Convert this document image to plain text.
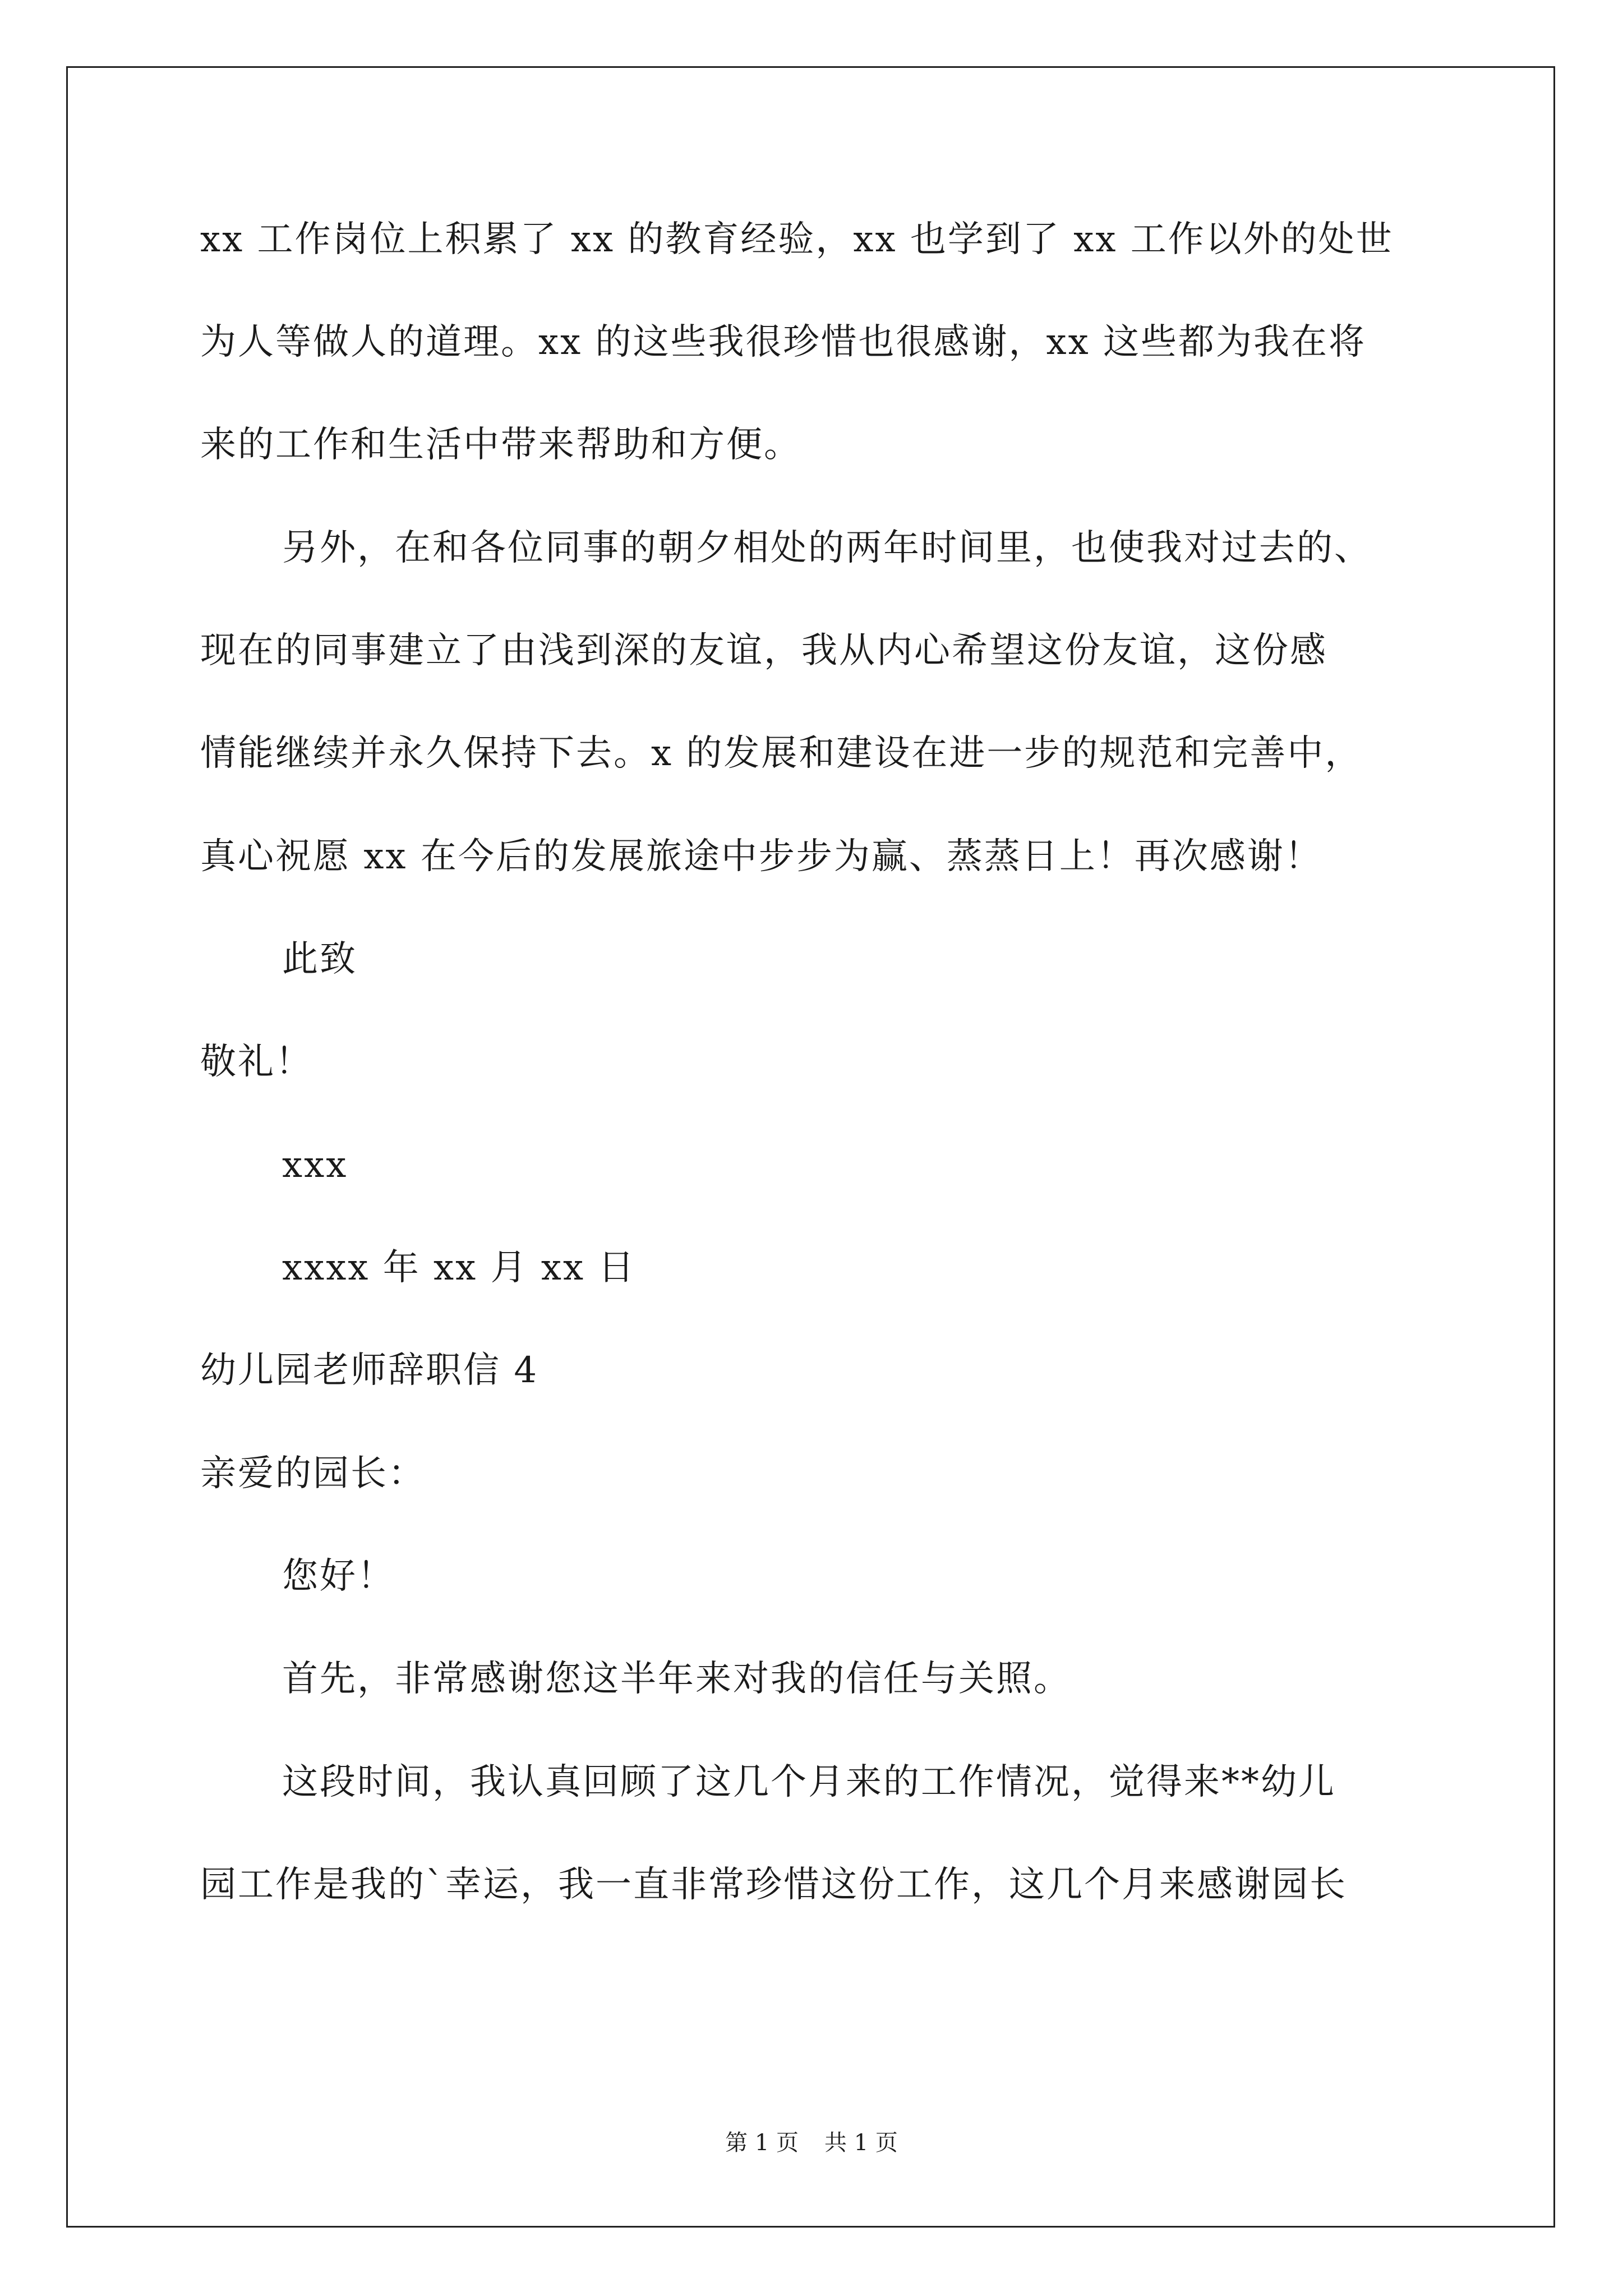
xx 工作岗位上积累了 xx 的教育经验，xx 也学到了 xx 工作以外的处世
为人等做人的道理。xx 的这些我很珍惜也很感谢，xx 这些都为我在将
来的工作和生活中带来帮助和方便。
另外，在和各位同事的朝夕相处的两年时间里，也使我对过去的、
现在的同事建立了由浅到深的友谊，我从内心希望这份友谊，这份感
情能继续并永久保持下去。x 的发展和建设在进一步的规范和完善中，
真心祝愿 xx 在今后的发展旅途中步步为赢、蒸蒸日上！再次感谢！
此致
敬礼！
xxx
xxxx 年 xx 月 xx 日
幼儿园老师辞职信 4
亲爱的园长：
您好！
首先，非常感谢您这半年来对我的信任与关照。
这段时间，我认真回顾了这几个月来的工作情况，觉得来**幼儿
园工作是我的`幸运，我一直非常珍惜这份工作，这几个月来感谢园长
第 1 页 共 1 页
